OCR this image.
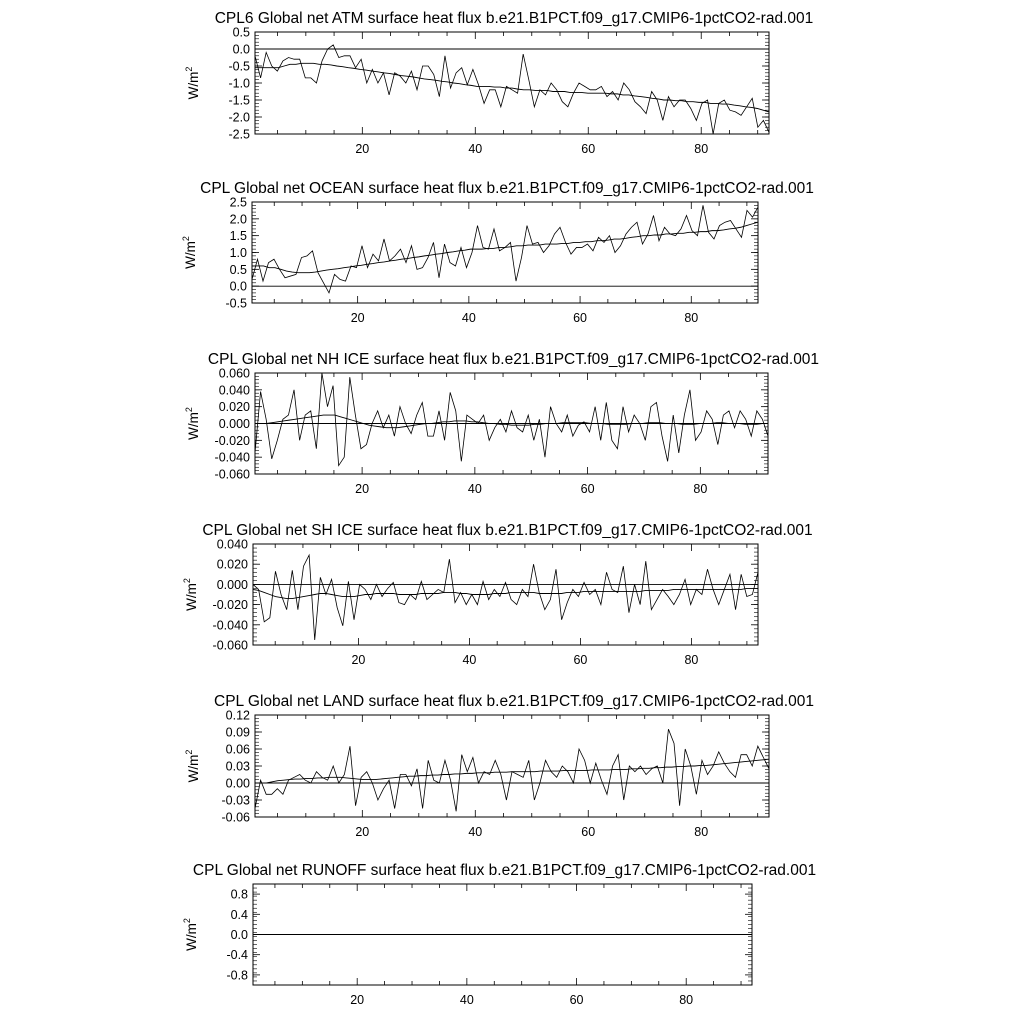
CPL6 Global net ATM surface heat flux b.e21.B1PCT.f09_g17.CMIP6-1pctCO2-rad.001
20	40	60	80
-2.5
-2.0
-1.5
-1.0
-0.5
0.0
0.5
$W/m^2$
CPL Global net OCEAN surface heat flux b.e21.B1PCT.f09_g17.CMIP6-1pctCO2-rad.001
20	40	60	80
-0.5
0.0
0.5
1.0
1.5
2.0
2.5
$W/m^2$
CPL Global net NH ICE surface heat flux b.e21.B1PCT.f09_g17.CMIP6-1pctCO2-rad.001
20	40	60	80
-0.060
-0.040
-0.020
0.000
0.020
0.040
0.060
$W/m^2$
CPL Global net SH ICE surface heat flux b.e21.B1PCT.f09_g17.CMIP6-1pctCO2-rad.001
20	40	60	80
-0.060
-0.040
-0.020
0.000
0.020
0.040
$W/m^2$
CPL Global net LAND surface heat flux b.e21.B1PCT.f09_g17.CMIP6-1pctCO2-rad.001
20	40	60	80
-0.06
-0.03
0.00
0.03
0.06
0.09
0.12
$W/m^2$
CPL Global net RUNOFF surface heat flux b.e21.B1PCT.f09_g17.CMIP6-1pctCO2-rad.001
20	40	60	80
-0.8
-0.4
0.0
0.4
0.8
$W/m^2$
